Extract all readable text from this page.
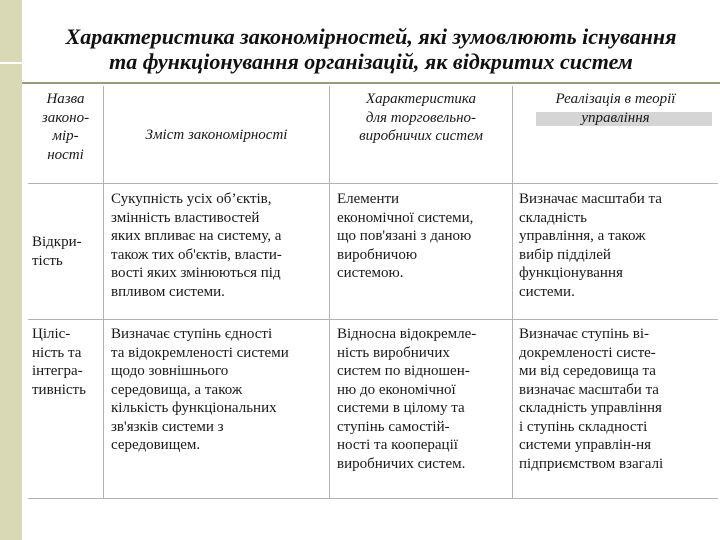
Характеристика закономірностей, які зумовлюють існування
та функціонування організацій, як відкритих систем
Назва
законо-
мір-
ності
Зміст закономірності
Характеристика
для торговельно-
виробничих систем
Реалізація в теорії
управління
Відкри-
тість
Сукупність усіх об’єктів,
змінність властивостей
яких впливає на систему, а
також тих об'єктів, власти-
вості яких змінюються під
впливом системи.
Елементи
економічної системи,
що пов'язані з даною
виробничою
системою.
Визначає масштаби та
складність
управління, а також
вибір підділей
функціонування
системи.
Цiліс-
ність та
інтегра-
тивність
Визначає ступінь єдності
та відокремленості системи
щодо зовнішнього
середовища, а також
кількість функціональних
зв'язків системи з
середовищем.
Відносна відокремле-
ність виробничих
систем по відношен-
ню до економічної
системи в цілому та
ступінь самостій-
ності та кооперації
виробничих систем.
Визначає ступінь ві-
докремленості систе-
ми від середовища та
визначає масштаби та
складність управління
і ступінь складності
системи управлін-ня
підприємством взагалі
